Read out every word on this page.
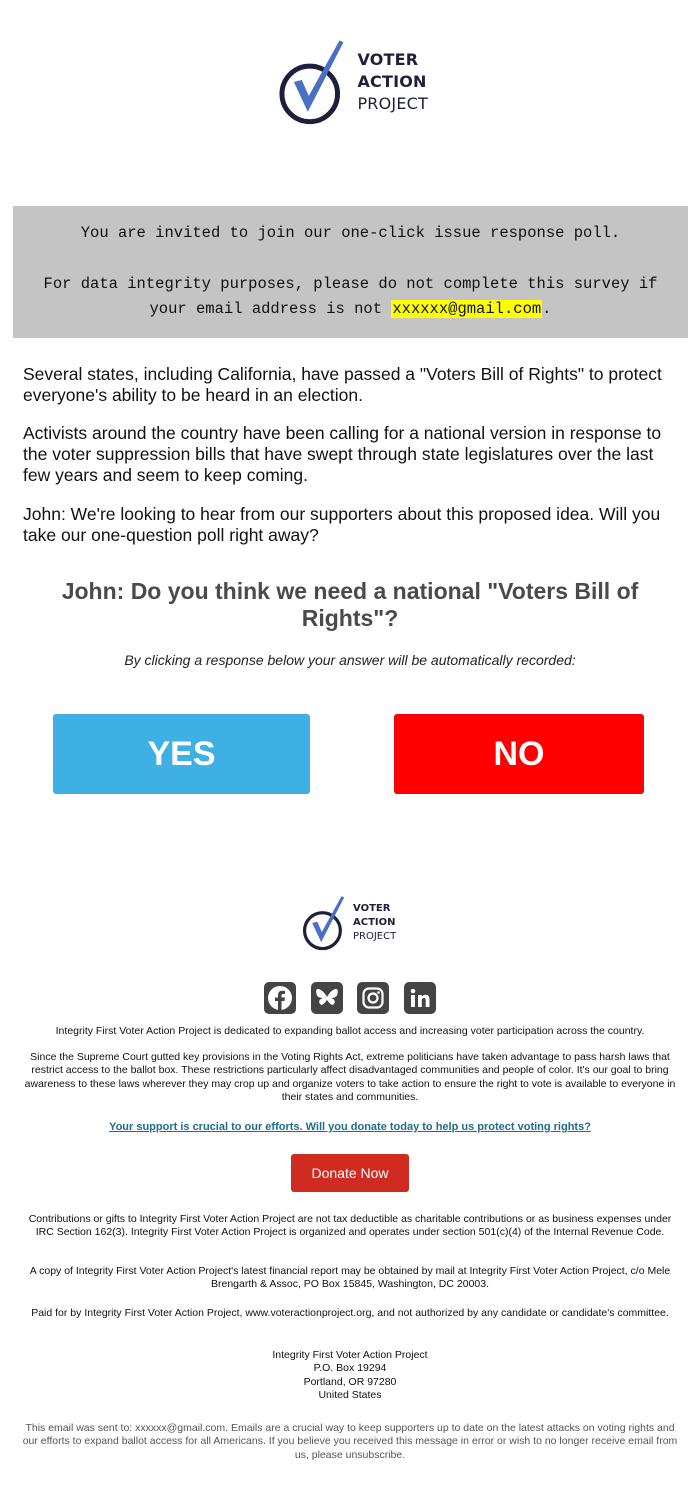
VOTER
ACTION
PROJECT

You are invited to join our one-click issue response poll.

For data integrity purposes, please do not complete this survey if your email address is not xxxxxx@gmail.com.

Several states, including California, have passed a "Voters Bill of Rights" to protect everyone's ability to be heard in an election.

Activists around the country have been calling for a national version in response to the voter suppression bills that have swept through state legislatures over the last few years and seem to keep coming.

John: We're looking to hear from our supporters about this proposed idea. Will you take our one-question poll right away?

John: Do you think we need a national "Voters Bill of Rights"?
By clicking a response below your answer will be automatically recorded:
YES	NO
VOTER
ACTION
PROJECT

Integrity First Voter Action Project is dedicated to expanding ballot access and increasing voter participation across the country.

Since the Supreme Court gutted key provisions in the Voting Rights Act, extreme politicians have taken advantage to pass harsh laws that restrict access to the ballot box. These restrictions particularly affect disadvantaged communities and people of color. It's our goal to bring awareness to these laws wherever they may crop up and organize voters to take action to ensure the right to vote is available to everyone in their states and communities.

Your support is crucial to our efforts. Will you donate today to help us protect voting rights?
Donate Now

Contributions or gifts to Integrity First Voter Action Project are not tax deductible as charitable contributions or as business expenses under IRC Section 162(3). Integrity First Voter Action Project is organized and operates under section 501(c)(4) of the Internal Revenue Code.

A copy of Integrity First Voter Action Project's latest financial report may be obtained by mail at Integrity First Voter Action Project, c/o Mele Brengarth & Assoc, PO Box 15845, Washington, DC 20003.

Paid for by Integrity First Voter Action Project, www.voteractionproject.org, and not authorized by any candidate or candidate's committee.

Integrity First Voter Action Project
P.O. Box 19294
Portland, OR 97280
United States

This email was sent to: xxxxxx@gmail.com. Emails are a crucial way to keep supporters up to date on the latest attacks on voting rights and our efforts to expand ballot access for all Americans. If you believe you received this message in error or wish to no longer receive email from us, please unsubscribe.
